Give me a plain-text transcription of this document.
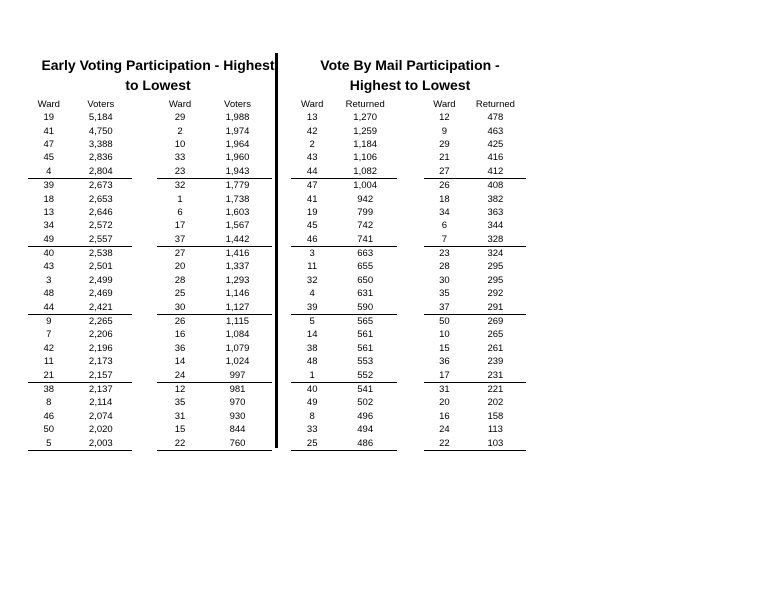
Early Voting Participation - Highest
to Lowest
Vote By Mail Participation -
Highest to Lowest
Ward	Voters
19	5,184
41	4,750
47	3,388
45	2,836
4	2,804
39	2,673
18	2,653
13	2,646
34	2,572
49	2,557
40	2,538
43	2,501
3	2,499
48	2,469
44	2,421
9	2,265
7	2,206
42	2,196
11	2,173
21	2,157
38	2,137
8	2,114
46	2,074
50	2,020
5	2,003
Ward	Voters
29	1,988
2	1,974
10	1,964
33	1,960
23	1,943
32	1,779
1	1,738
6	1,603
17	1,567
37	1,442
27	1,416
20	1,337
28	1,293
25	1,146
30	1,127
26	1,115
16	1,084
36	1,079
14	1,024
24	997
12	981
35	970
31	930
15	844
22	760
Ward	Returned
13	1,270
42	1,259
2	1,184
43	1,106
44	1,082
47	1,004
41	942
19	799
45	742
46	741
3	663
11	655
32	650
4	631
39	590
5	565
14	561
38	561
48	553
1	552
40	541
49	502
8	496
33	494
25	486
Ward	Returned
12	478
9	463
29	425
21	416
27	412
26	408
18	382
34	363
6	344
7	328
23	324
28	295
30	295
35	292
37	291
50	269
10	265
15	261
36	239
17	231
31	221
20	202
16	158
24	113
22	103
